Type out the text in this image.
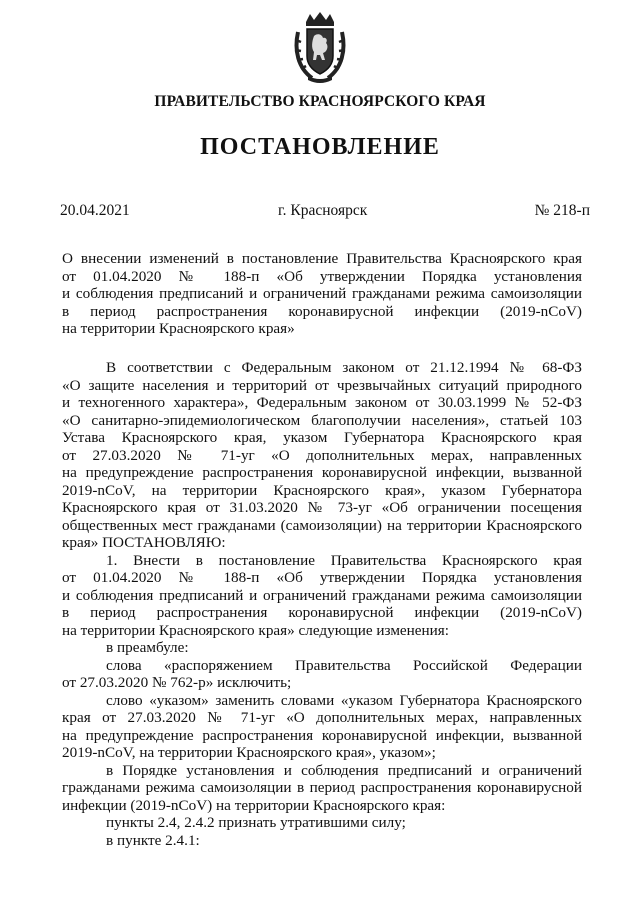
ПРАВИТЕЛЬСТВО КРАСНОЯРСКОГО КРАЯ
ПОСТАНОВЛЕНИЕ
20.04.2021	г. Красноярск	№ 218-п

О внесении изменений в постановление Правительства Красноярского края

от 01.04.2020 № 188-п «Об утверждении Порядка установления

и соблюдения предписаний и ограничений гражданами режима самоизоляции

в период распространения коронавирусной инфекции (2019-nCoV)

на территории Красноярского края»

В соответствии с Федеральным законом от 21.12.1994 № 68-ФЗ

«О защите населения и территорий от чрезвычайных ситуаций природного

и техногенного характера», Федеральным законом от 30.03.1999 № 52-ФЗ

«О санитарно-эпидемиологическом благополучии населения», статьей 103

Устава Красноярского края, указом Губернатора Красноярского края

от 27.03.2020 № 71-уг «О дополнительных мерах, направленных

на предупреждение распространения коронавирусной инфекции, вызванной

2019-nCoV, на территории Красноярского края», указом Губернатора

Красноярского края от 31.03.2020 № 73-уг «Об ограничении посещения

общественных мест гражданами (самоизоляции) на территории Красноярского

края» ПОСТАНОВЛЯЮ:

1. Внести в постановление Правительства Красноярского края

от 01.04.2020 № 188-п «Об утверждении Порядка установления

и соблюдения предписаний и ограничений гражданами режима самоизоляции

в период распространения коронавирусной инфекции (2019-nCoV)

на территории Красноярского края» следующие изменения:

в преамбуле:

слова «распоряжением Правительства Российской Федерации

от 27.03.2020 № 762-р» исключить;

слово «указом» заменить словами «указом Губернатора Красноярского

края от 27.03.2020 № 71-уг «О дополнительных мерах, направленных

на предупреждение распространения коронавирусной инфекции, вызванной

2019-nCoV, на территории Красноярского края», указом»;

в Порядке установления и соблюдения предписаний и ограничений

гражданами режима самоизоляции в период распространения коронавирусной

инфекции (2019-nCoV) на территории Красноярского края:

пункты 2.4, 2.4.2 признать утратившими силу;

в пункте 2.4.1:
